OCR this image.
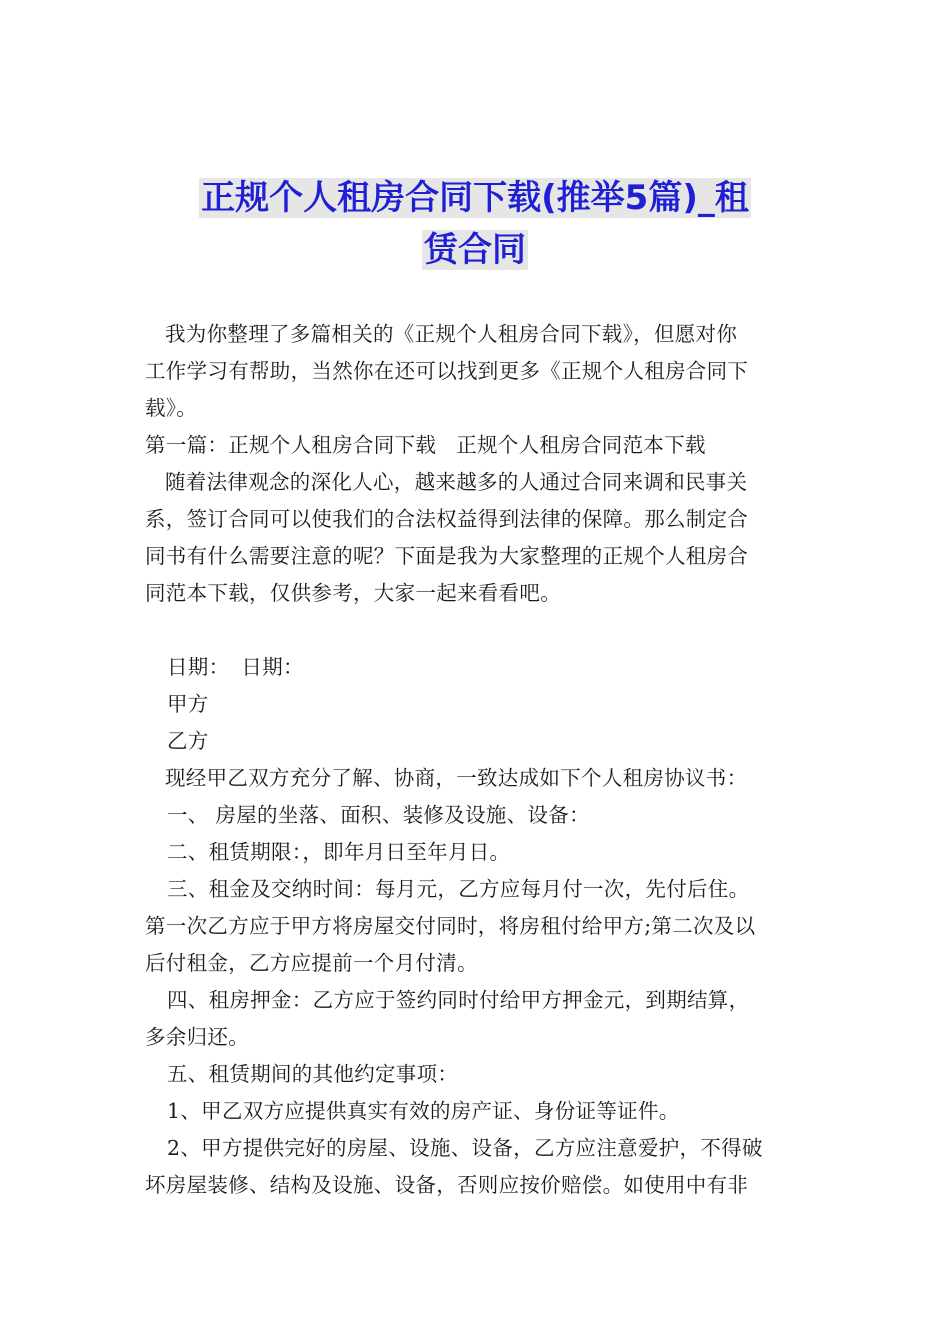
正规个人租房合同下载(推举5篇)_租
赁合同

我为你整理了多篇相关的《正规个人租房合同下载》，但愿对你

工作学习有帮助，当然你在还可以找到更多《正规个人租房合同下

载》。

第一篇：正规个人租房合同下载 正规个人租房合同范本下载

随着法律观念的深化人心，越来越多的人通过合同来调和民事关

系，签订合同可以使我们的合法权益得到法律的保障。那么制定合

同书有什么需要注意的呢？下面是我为大家整理的正规个人租房合

同范本下载，仅供参考，大家一起来看看吧。

日期： 日期：

甲方

乙方

现经甲乙双方充分了解、协商，一致达成如下个人租房协议书：

一、 房屋的坐落、面积、装修及设施、设备：

二、租赁期限：，即年月日至年月日。

三、租金及交纳时间：每月元，乙方应每月付一次，先付后住。

第一次乙方应于甲方将房屋交付同时，将房租付给甲方;第二次及以

后付租金，乙方应提前一个月付清。

四、租房押金：乙方应于签约同时付给甲方押金元，到期结算，

多余归还。

五、租赁期间的其他约定事项：

1、甲乙双方应提供真实有效的房产证、身份证等证件。

2、甲方提供完好的房屋、设施、设备，乙方应注意爱护，不得破

坏房屋装修、结构及设施、设备，否则应按价赔偿。如使用中有非
